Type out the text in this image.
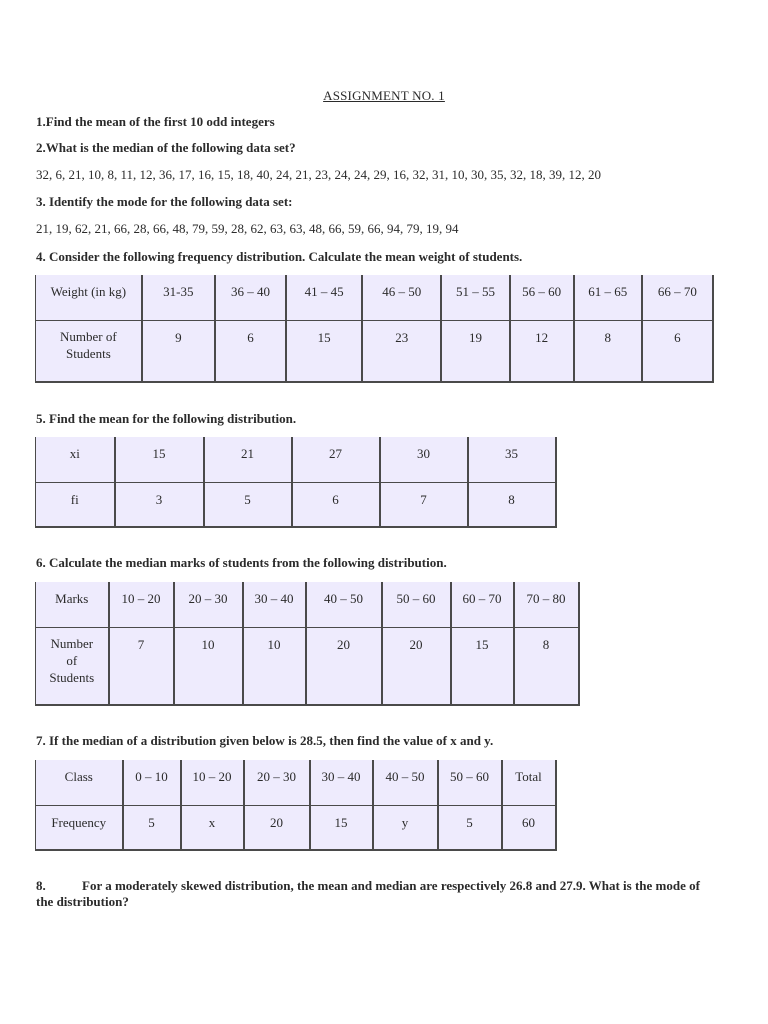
ASSIGNMENT NO. 1
1.Find the mean of the first 10 odd integers
2.What is the median of the following data set?
32, 6, 21, 10, 8, 11, 12, 36, 17, 16, 15, 18, 40, 24, 21, 23, 24, 24, 29, 16, 32, 31, 10, 30, 35, 32, 18, 39, 12, 20
3. Identify the mode for the following data set:
21, 19, 62, 21, 66, 28, 66, 48, 79, 59, 28, 62, 63, 63, 48, 66, 59, 66, 94, 79, 19, 94
4. Consider the following frequency distribution. Calculate the mean weight of students.
Weight (in kg)	31-35	36 – 40	41 – 45	46 – 50	51 – 55	56 – 60	61 – 65	66 – 70

Number of Students	9	6	15	23	19	12	8	6
5. Find the mean for the following distribution.
xi	15	21	27	30	35

fi	3	5	6	7	8
6. Calculate the median marks of students from the following distribution.
Marks	10 – 20	20 – 30	30 – 40	40 – 50	50 – 60	60 – 70	70 – 80

Number of Students	7	10	10	20	20	15	8
7. If the median of a distribution given below is 28.5, then find the value of x and y.
Class	0 – 10	10 – 20	20 – 30	30 – 40	40 – 50	50 – 60	Total

Frequency	5	x	20	15	y	5	60
8.	For a moderately skewed distribution, the mean and median are respectively 26.8 and 27.9. What is the mode of the distribution?
